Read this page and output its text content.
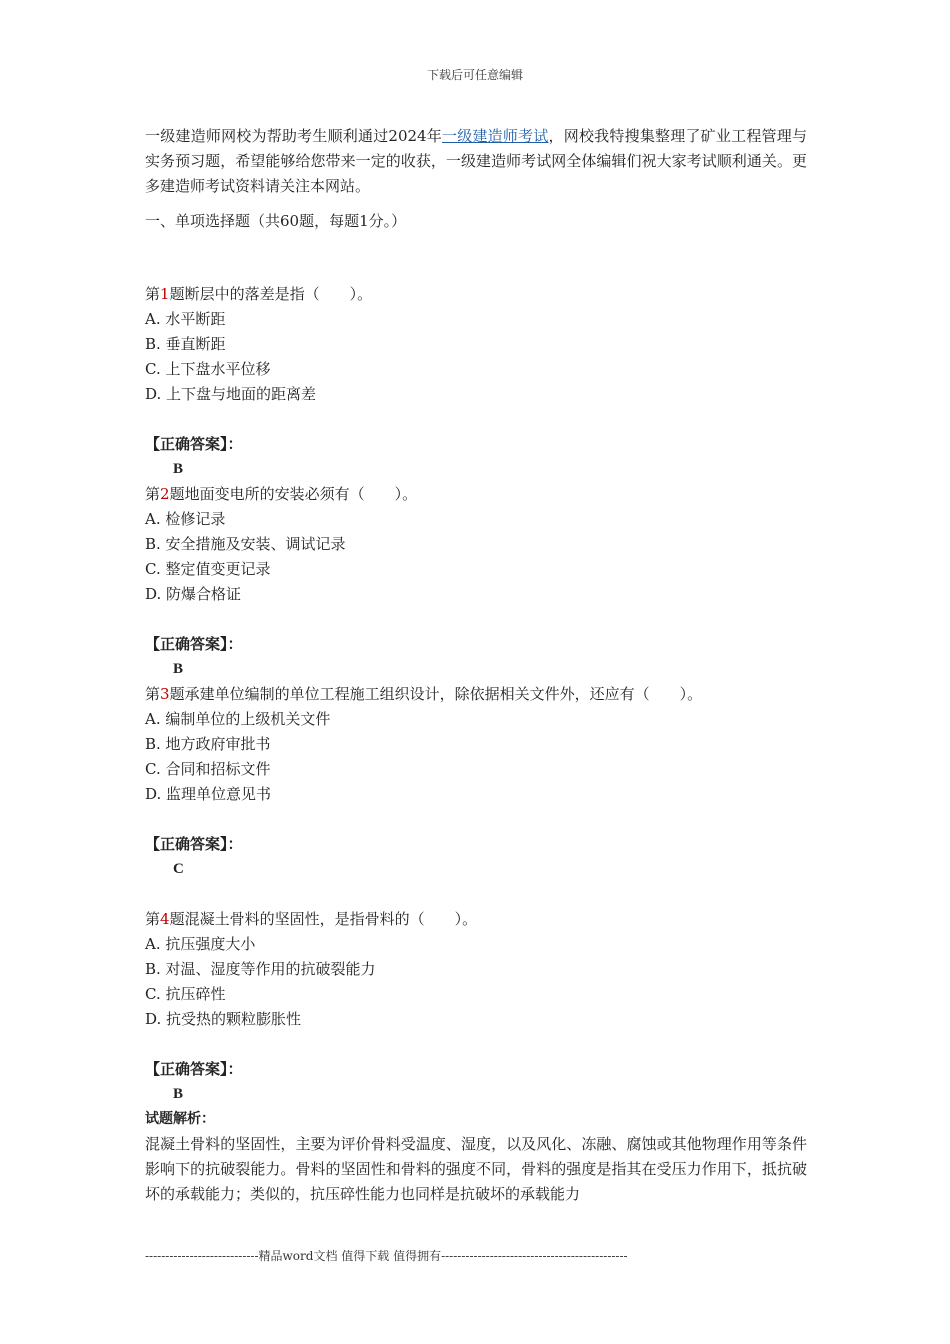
下载后可任意编辑

一级建造师网校为帮助考生顺利通过2024年一级建造师考试，网校我特搜集整理了矿业工程管理与实务预习题，希望能够给您带来一定的收获，一级建造师考试网全体编辑们祝大家考试顺利通关。更多建造师考试资料请关注本网站。

一、单项选择题（共60题，每题1分。）
第1题断层中的落差是指（　　）。
A. 水平断距
B. 垂直断距
C. 上下盘水平位移
D. 上下盘与地面的距离差
【正确答案】：
B
第2题地面变电所的安装必须有（　　）。
A. 检修记录
B. 安全措施及安装、调试记录
C. 整定值变更记录
D. 防爆合格证
【正确答案】：
B
第3题承建单位编制的单位工程施工组织设计，除依据相关文件外，还应有（　　）。
A. 编制单位的上级机关文件
B. 地方政府审批书
C. 合同和招标文件
D. 监理单位意见书
【正确答案】：
C
第4题混凝土骨料的坚固性，是指骨料的（　　）。
A. 抗压强度大小
B. 对温、湿度等作用的抗破裂能力
C. 抗压碎性
D. 抗受热的颗粒膨胀性
【正确答案】：
B
试题解析：
混凝土骨料的坚固性，主要为评价骨料受温度、湿度，以及风化、冻融、腐蚀或其他物理作用等条件影响下的抗破裂能力。骨料的坚固性和骨料的强度不同，骨料的强度是指其在受压力作用下，抵抗破坏的承载能力；类似的，抗压碎性能力也同样是抗破坏的承载能力
----------------------------精品word文档 值得下载 值得拥有----------------------------------------------
